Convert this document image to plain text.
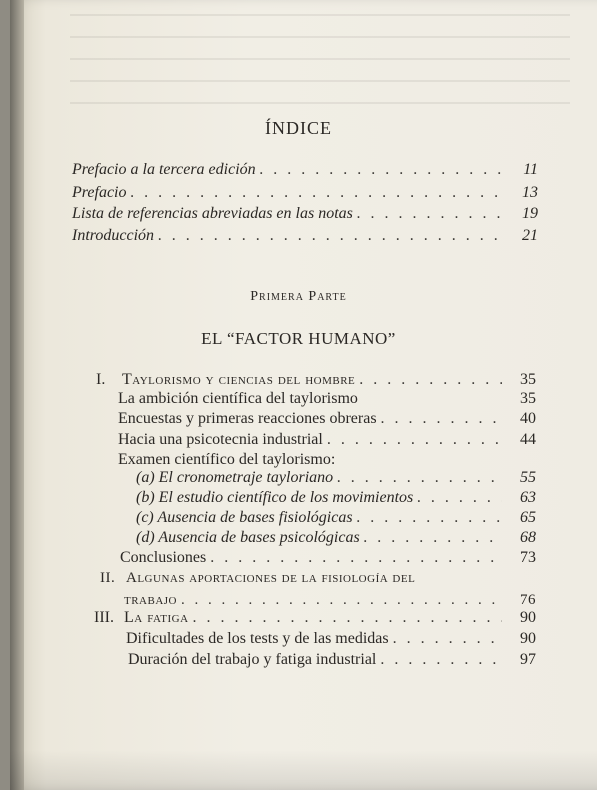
ÍNDICE
Prefacio a la tercera edición . . .	11
Prefacio . . .	13
Lista de referencias abreviadas en las notas . . .	19
Introducción . . .	21
Primera Parte
EL “FACTOR HUMANO”
I. Taylorismo y ciencias del hombre . . .	35
La ambición científica del taylorismo	35
Encuestas y primeras reacciones obreras . . .	40
Hacia una psicotecnia industrial . . .	44
Examen científico del taylorismo:
(a) El cronometraje tayloriano . . .	55
(b) El estudio científico de los movimientos . . .	63
(c) Ausencia de bases fisiológicas . . .	65
(d) Ausencia de bases psicológicas . . .	68
Conclusiones . . .	73
II. Algunas aportaciones de la fisiología del
trabajo . . .	76
III. La fatiga . . .	90
Dificultades de los tests y de las medidas . . .	90
Duración del trabajo y fatiga industrial . . .	97
